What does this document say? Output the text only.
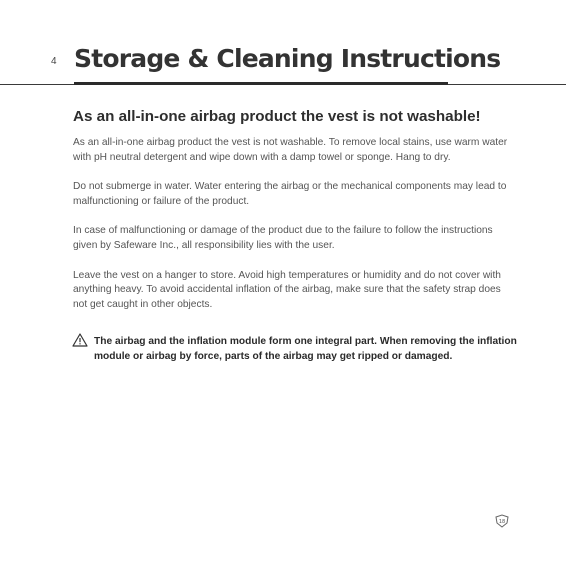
4 Storage & Cleaning Instructions
As an all-in-one airbag product the vest is not washable!

As an all-in-one airbag product the vest is not washable. To remove local stains, use warm water with pH neutral detergent and wipe down with a damp towel or sponge. Hang to dry.

Do not submerge in water. Water entering the airbag or the mechanical components may lead to malfunctioning or failure of the product.

In case of malfunctioning or damage of the product due to the failure to follow the instructions given by Safeware Inc., all responsibility lies with the user.

Leave the vest on a hanger to store. Avoid high temperatures or humidity and do not cover with anything heavy. To avoid accidental inflation of the airbag, make sure that the safety strap does not get caught in other objects.

The airbag and the inflation module form one integral part. When removing the inflation module or airbag by force, parts of the airbag may get ripped or damaged.
18
